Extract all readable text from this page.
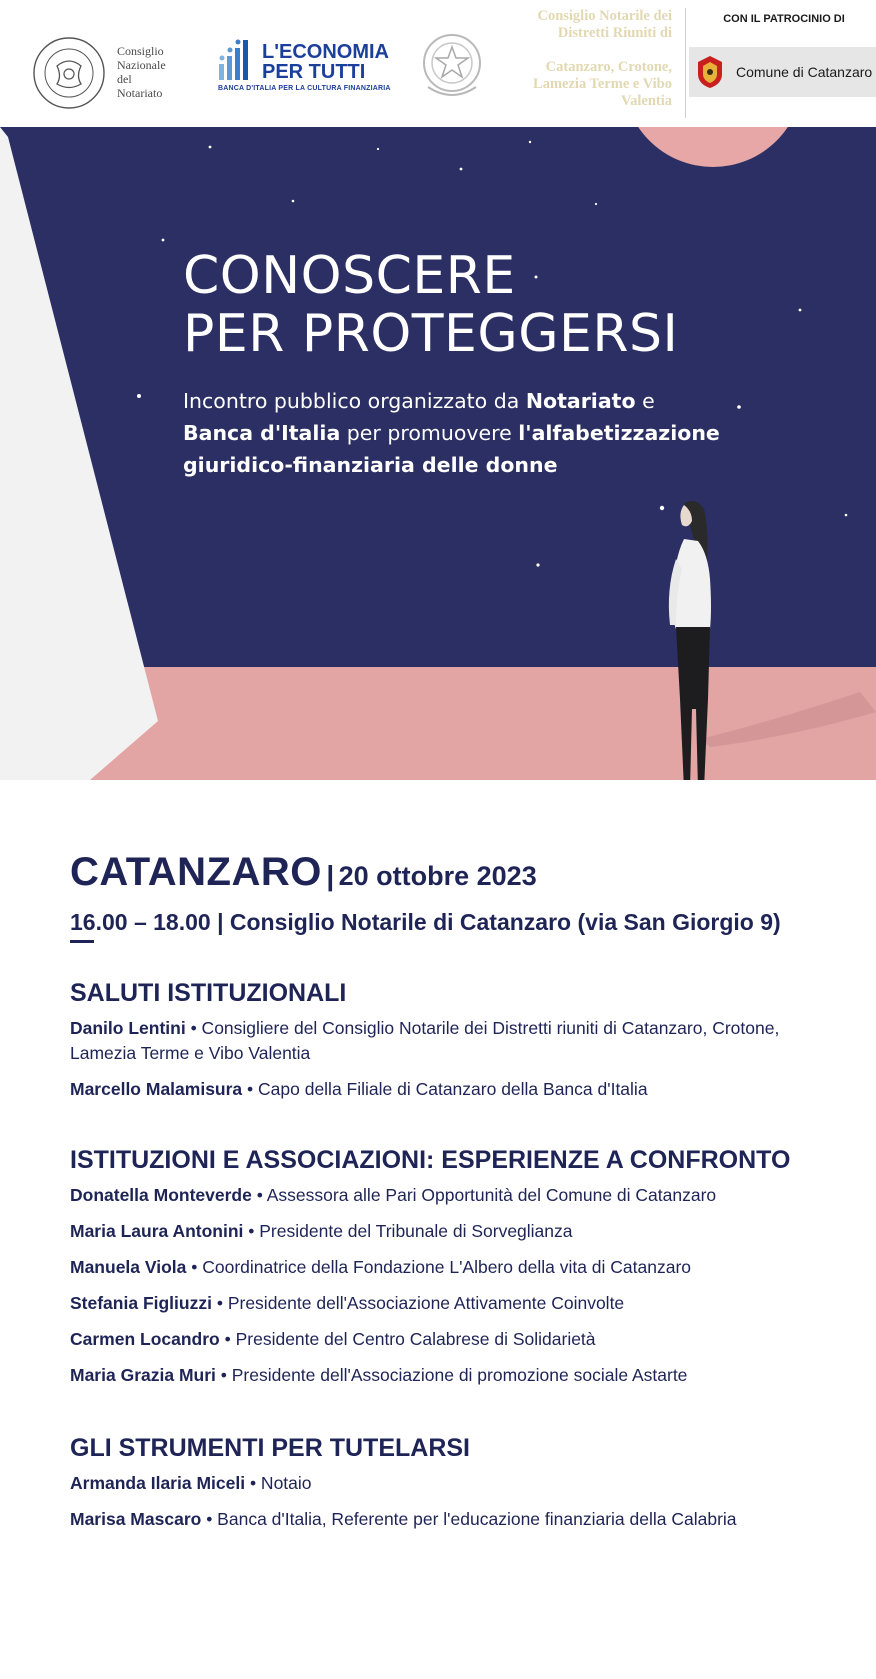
Consiglio
Nazionale
del
Notariato
L'ECONOMIA
PER TUTTI
BANCA D'ITALIA PER LA CULTURA FINANZIARIA
Consiglio Notarile dei
Distretti Riuniti di
Catanzaro, Crotone,
Lamezia Terme e Vibo
Valentia
CON IL PATROCINIO DI
Comune di Catanzaro
CONOSCERE
PER PROTEGGERSI
Incontro pubblico organizzato da Notariato e
Banca d'Italia per promuovere l'alfabetizzazione
giuridico-finanziaria delle donne
CATANZARO | 20 ottobre 2023
16.00 – 18.00 | Consiglio Notarile di Catanzaro (via San Giorgio 9)
SALUTI ISTITUZIONALI
Danilo Lentini • Consigliere del Consiglio Notarile dei Distretti riuniti di Catanzaro, Crotone, Lamezia Terme e Vibo Valentia
Marcello Malamisura • Capo della Filiale di Catanzaro della Banca d'Italia
ISTITUZIONI E ASSOCIAZIONI: ESPERIENZE A CONFRONTO
Donatella Monteverde • Assessora alle Pari Opportunità del Comune di Catanzaro
Maria Laura Antonini • Presidente del Tribunale di Sorveglianza
Manuela Viola • Coordinatrice della Fondazione L'Albero della vita di Catanzaro
Stefania Figliuzzi • Presidente dell'Associazione Attivamente Coinvolte
Carmen Locandro • Presidente del Centro Calabrese di Solidarietà
Maria Grazia Muri • Presidente dell'Associazione di promozione sociale Astarte
GLI STRUMENTI PER TUTELARSI
Armanda Ilaria Miceli • Notaio
Marisa Mascaro • Banca d'Italia, Referente per l'educazione finanziaria della Calabria
